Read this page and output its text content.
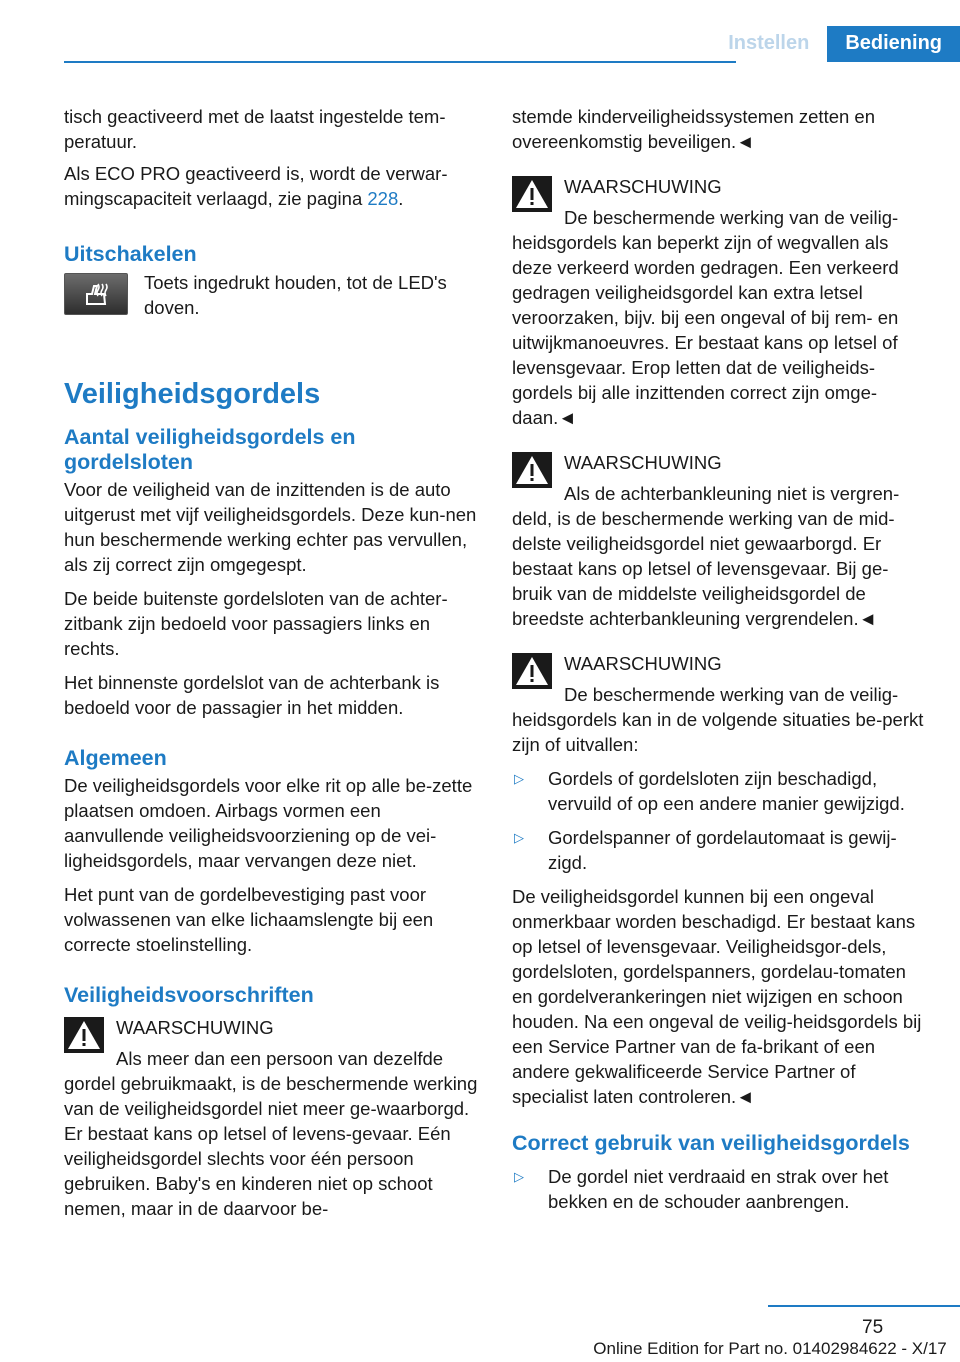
Instellen	Bediening

tisch geactiveerd met de laatst ingestelde tem-peratuur.

Als ECO PRO geactiveerd is, wordt de verwar-mingscapaciteit verlaagd, zie pagina 228.

Uitschakelen

Toets ingedrukt houden, tot de LED's doven.

Veiligheidsgordels
Aantal veiligheidsgordels en gordelsloten

Voor de veiligheid van de inzittenden is de auto uitgerust met vijf veiligheidsgordels. Deze kun-nen hun beschermende werking echter pas vervullen, als zij correct zijn omgegespt.

De beide buitenste gordelsloten van de achter-zitbank zijn bedoeld voor passagiers links en rechts.

Het binnenste gordelslot van de achterbank is bedoeld voor de passagier in het midden.

Algemeen

De veiligheidsgordels voor elke rit op alle be-zette plaatsen omdoen. Airbags vormen een aanvullende veiligheidsvoorziening op de vei-ligheidsgordels, maar vervangen deze niet.

Het punt van de gordelbevestiging past voor volwassenen van elke lichaamslengte bij een correcte stoelinstelling.

Veiligheidsvoorschriften
WAARSCHUWING

Als meer dan een persoon van dezelfde gordel gebruikmaakt, is de beschermende werking van de veiligheidsgordel niet meer ge-waarborgd. Er bestaat kans op letsel of levens-gevaar. Eén veiligheidsgordel slechts voor één persoon gebruiken. Baby's en kinderen niet op schoot nemen, maar in de daarvoor be-

stemde kinderveiligheidssystemen zetten en overeenkomstig beveiligen.◄

WAARSCHUWING

De beschermende werking van de veilig-heidsgordels kan beperkt zijn of wegvallen als deze verkeerd worden gedragen. Een verkeerd gedragen veiligheidsgordel kan extra letsel veroorzaken, bijv. bij een ongeval of bij rem- en uitwijkmanoeuvres. Er bestaat kans op letsel of levensgevaar. Erop letten dat de veiligheids-gordels bij alle inzittenden correct zijn omge-daan.◄

WAARSCHUWING

Als de achterbankleuning niet is vergren-deld, is de beschermende werking van de mid-delste veiligheidsgordel niet gewaarborgd. Er bestaat kans op letsel of levensgevaar. Bij ge-bruik van de middelste veiligheidsgordel de breedste achterbankleuning vergrendelen.◄

WAARSCHUWING

De beschermende werking van de veilig-heidsgordels kan in de volgende situaties be-perkt zijn of uitvallen:

▷	Gordels of gordelsloten zijn beschadigd, vervuild of op een andere manier gewijzigd.

▷	Gordelspanner of gordelautomaat is gewij-zigd.

De veiligheidsgordel kunnen bij een ongeval onmerkbaar worden beschadigd. Er bestaat kans op letsel of levensgevaar. Veiligheidsgor-dels, gordelsloten, gordelspanners, gordelau-tomaten en gordelverankeringen niet wijzigen en schoon houden. Na een ongeval de veilig-heidsgordels bij een Service Partner van de fa-brikant of een andere gekwalificeerde Service Partner of specialist laten controleren.◄

Correct gebruik van veiligheidsgordels
▷	De gordel niet verdraaid en strak over het bekken en de schouder aanbrengen.

75
Online Edition for Part no. 01402984622 - X/17
